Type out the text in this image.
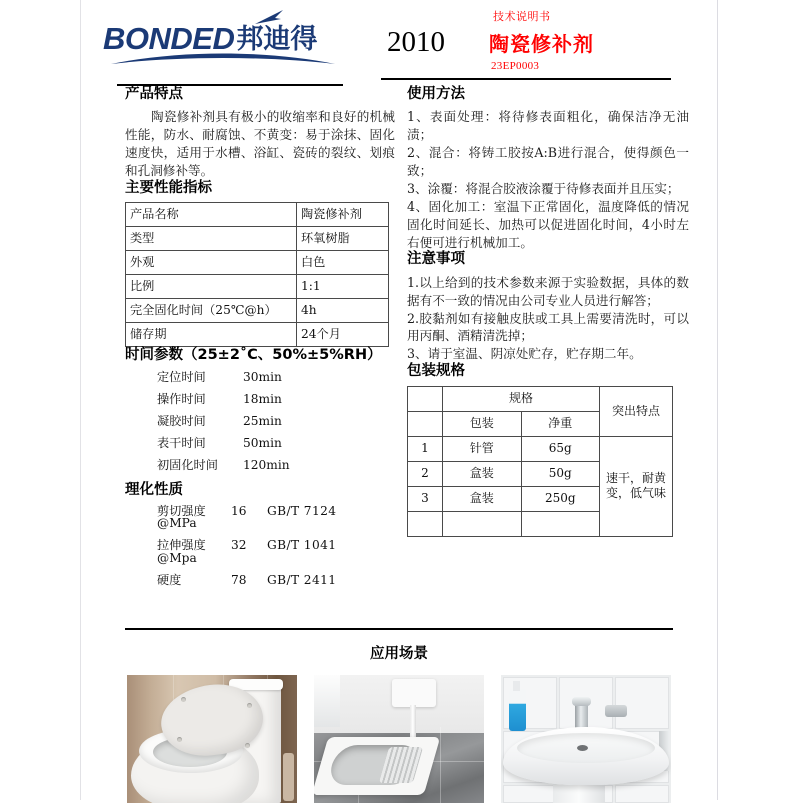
BONDED 邦迪得
技术说明书
2010 陶瓷修补剂
23EP0003
产品特点

陶瓷修补剂具有极小的收缩率和良好的机械性能，防水、耐腐蚀、不黄变：易于涂抹、固化速度快，适用于水槽、浴缸、瓷砖的裂纹、划痕和孔洞修补等。

主要性能指标
产品名称	陶瓷修补剂
类型	环氧树脂
外观	白色
比例	1:1
完全固化时间（25℃@h）	4h
储存期	24个月
时间参数（25±2˚C、50%±5%RH）
定位时间	30min
操作时间	18min
凝胶时间	25min
表干时间	50min
初固化时间	120min
理化性质
剪切强度@MPa
16	GB/T 7124
拉伸强度@Mpa
32	GB/T 1041
硬度	78	GB/T 2411
使用方法

1、表面处理：将待修表面粗化，确保洁净无油渍；

2、混合：将铸工胶按A:B进行混合，使得颜色一致；

3、涂覆：将混合胶液涂覆于待修表面并且压实；

4、固化加工：室温下正常固化，温度降低的情况固化时间延长、加热可以促进固化时间，4小时左右便可进行机械加工。

注意事项

1.以上给到的技术参数来源于实验数据，具体的数据有不一致的情况由公司专业人员进行解答；

2.胶黏剂如有接触皮肤或工具上需要清洗时，可以用丙酮、酒精清洗掉；

3、请于室温、阴凉处贮存，贮存期二年。

包装规格
	规格		突出特点
	包装	净重	
1	针管	65g	速干，耐黄变，低气味
2	盒装	50g	
3	盒装	250g	

应用场景
